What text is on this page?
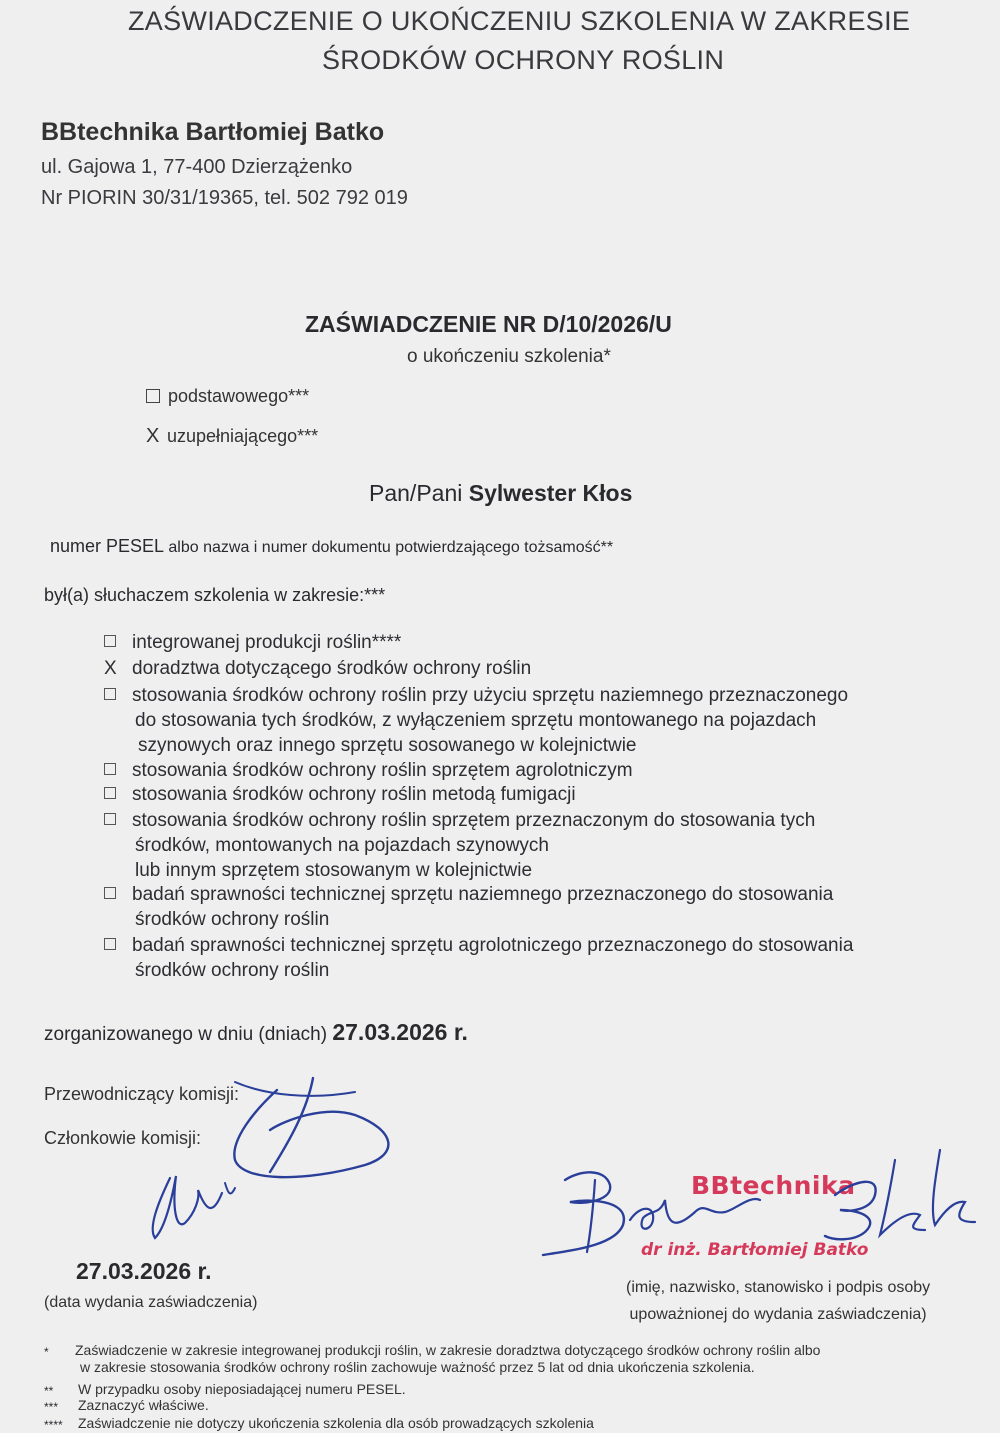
ZAŚWIADCZENIE O UKOŃCZENIU SZKOLENIA W ZAKRESIE
ŚRODKÓW OCHRONY ROŚLIN
BBtechnika Bartłomiej Batko
ul. Gajowa 1, 77-400 Dzierzążenko
Nr PIORIN 30/31/19365, tel. 502 792 019
ZAŚWIADCZENIE NR D/10/2026/U
o ukończeniu szkolenia*
podstawowego***
X uzupełniającego***
Pan/Pani Sylwester Kłos
numer PESEL albo nazwa i numer dokumentu potwierdzającego tożsamość**
był(a) słuchaczem szkolenia w zakresie:***
integrowanej produkcji roślin****
X doradztwa dotyczącego środków ochrony roślin
stosowania środków ochrony roślin przy użyciu sprzętu naziemnego przeznaczonego
do stosowania tych środków, z wyłączeniem sprzętu montowanego na pojazdach
szynowych oraz innego sprzętu sosowanego w kolejnictwie
stosowania środków ochrony roślin sprzętem agrolotniczym
stosowania środków ochrony roślin metodą fumigacji
stosowania środków ochrony roślin sprzętem przeznaczonym do stosowania tych
środków, montowanych na pojazdach szynowych
lub innym sprzętem stosowanym w kolejnictwie
badań sprawności technicznej sprzętu naziemnego przeznaczonego do stosowania
środków ochrony roślin
badań sprawności technicznej sprzętu agrolotniczego przeznaczonego do stosowania
środków ochrony roślin
zorganizowanego w dniu (dniach) 27.03.2026 r.
Przewodniczący komisji:
Członkowie komisji:
27.03.2026 r.
(data wydania zaświadczenia)
BBtechnika
dr inż. Bartłomiej Batko
(imię, nazwisko, stanowisko i podpis osoby
upoważnionej do wydania zaświadczenia)
* Zaświadczenie w zakresie integrowanej produkcji roślin, w zakresie doradztwa dotyczącego środków ochrony roślin albo
w zakresie stosowania środków ochrony roślin zachowuje ważność przez 5 lat od dnia ukończenia szkolenia.
** W przypadku osoby nieposiadającej numeru PESEL.
*** Zaznaczyć właściwe.
**** Zaświadczenie nie dotyczy ukończenia szkolenia dla osób prowadzących szkolenia
